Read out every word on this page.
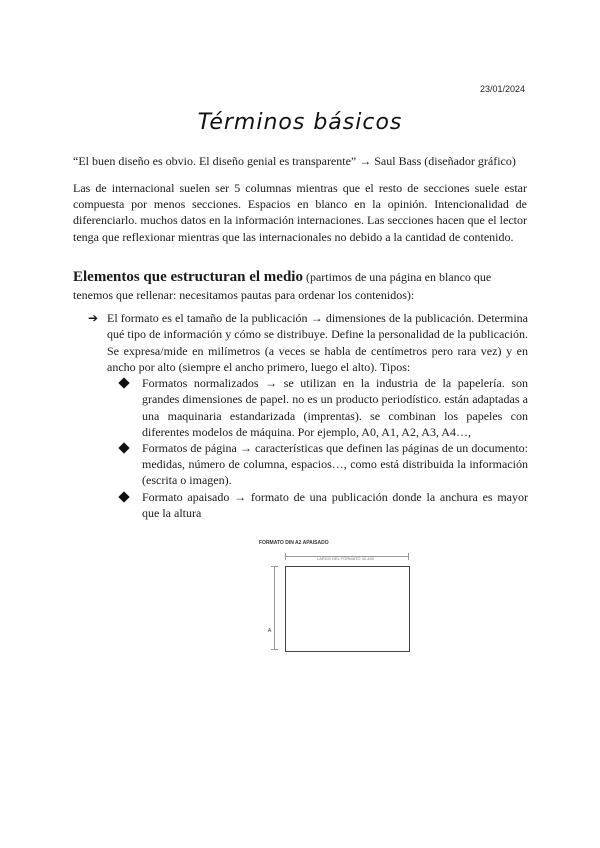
23/01/2024
Términos básicos

“El buen diseño es obvio. El diseño genial es transparente” → Saul Bass (diseñador gráfico)

Las de internacional suelen ser 5 columnas mientras que el resto de secciones suele estar compuesta por menos secciones. Espacios en blanco en la opinión. Intencionalidad de diferenciarlo. muchos datos en la información internaciones. Las secciones hacen que el lector tenga que reflexionar mientras que las internacionales no debido a la cantidad de contenido.

Elementos que estructuran el medio (partimos de una página en blanco que tenemos que rellenar: necesitamos pautas para ordenar los contenidos):

➔ El formato es el tamaño de la publicación → dimensiones de la publicación. Determina qué tipo de información y cómo se distribuye. Define la personalidad de la publicación. Se expresa/mide en milímetros (a veces se habla de centímetros pero rara vez) y en ancho por alto (siempre el ancho primero, luego el alto). Tipos:
Formatos normalizados → se utilizan en la industria de la papelería. son grandes dimensiones de papel. no es un producto periodístico. están adaptadas a una maquinaria estandarizada (imprentas). se combinan los papeles con diferentes modelos de máquina. Por ejemplo, A0, A1, A2, A3, A4…,
Formatos de página → características que definen las páginas de un documento: medidas, número de columna, espacios…, como está distribuida la información (escrita o imagen).
Formato apaisado → formato de una publicación donde la anchura es mayor que la altura
FORMATO DIN A2 APAISADO
LARGO DEL FORMATO 42-400
A
